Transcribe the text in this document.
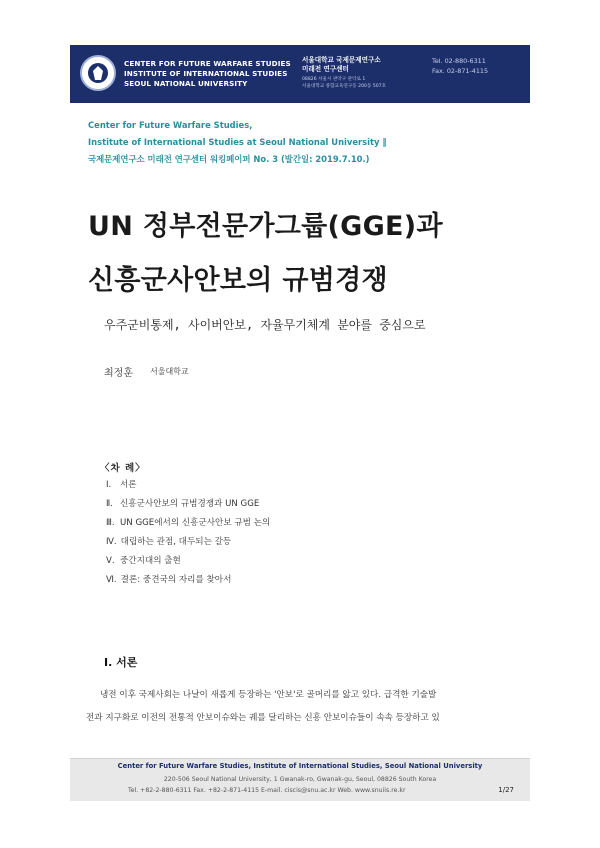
CENTER FOR FUTURE WARFARE STUDIES
INSTITUTE OF INTERNATIONAL STUDIES
SEOUL NATIONAL UNIVERSITY
서울대학교 국제문제연구소
미래전 연구센터
08826 서울시 관악구 관악로 1
서울대학교 종합교육연구동 200동 507호
Tel. 02-880-6311
Fax. 02-871-4115
Center for Future Warfare Studies,
Institute of International Studies at Seoul National University ‖
국제문제연구소 미래전 연구센터 워킹페이퍼 No. 3 (발간일: 2019.7.10.)
UN 정부전문가그룹(GGE)과
신흥군사안보의 규범경쟁
우주군비통제, 사이버안보, 자율무기체계 분야를 중심으로
최정훈 서울대학교
〈차 례〉
Ⅰ. 서론
Ⅱ. 신흥군사안보의 규범경쟁과 UN GGE
Ⅲ. UN GGE에서의 신흥군사안보 규범 논의
Ⅳ. 대립하는 관점, 대두되는 갈등
Ⅴ. 중간지대의 출현
Ⅵ. 결론: 중견국의 자리를 찾아서
Ⅰ. 서론
냉전 이후 국제사회는 나날이 새롭게 등장하는 '안보'로 골머리를 앓고 있다. 급격한 기술발
전과 지구화로 이전의 전통적 안보이슈와는 궤를 달리하는 신흥 안보이슈들이 속속 등장하고 있
Center for Future Warfare Studies, Institute of International Studies, Seoul National University
220-506 Seoul National University, 1 Gwanak-ro, Gwanak-gu, Seoul, 08826 South Korea
Tel. +82-2-880-6311 Fax. +82-2-871-4115 E-mail. ciscis@snu.ac.kr Web. www.snuiis.re.kr	1/27
